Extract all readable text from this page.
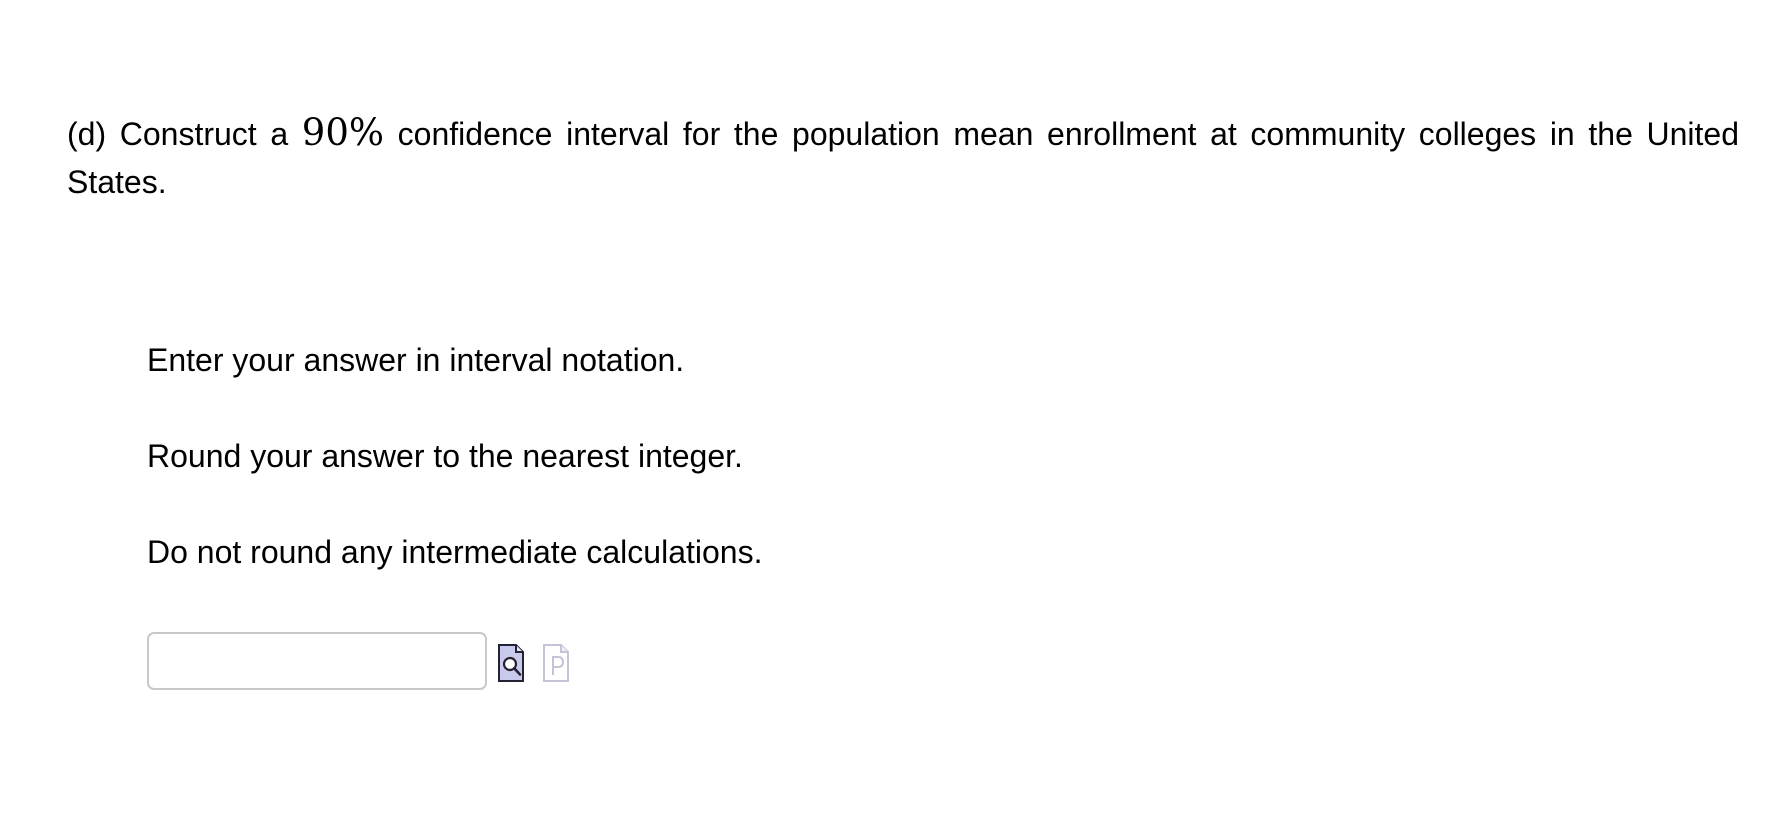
(d) Construct a 90% confidence interval for the population mean enrollment at community colleges in the United States.
Enter your answer in interval notation.
Round your answer to the nearest integer.
Do not round any intermediate calculations.
